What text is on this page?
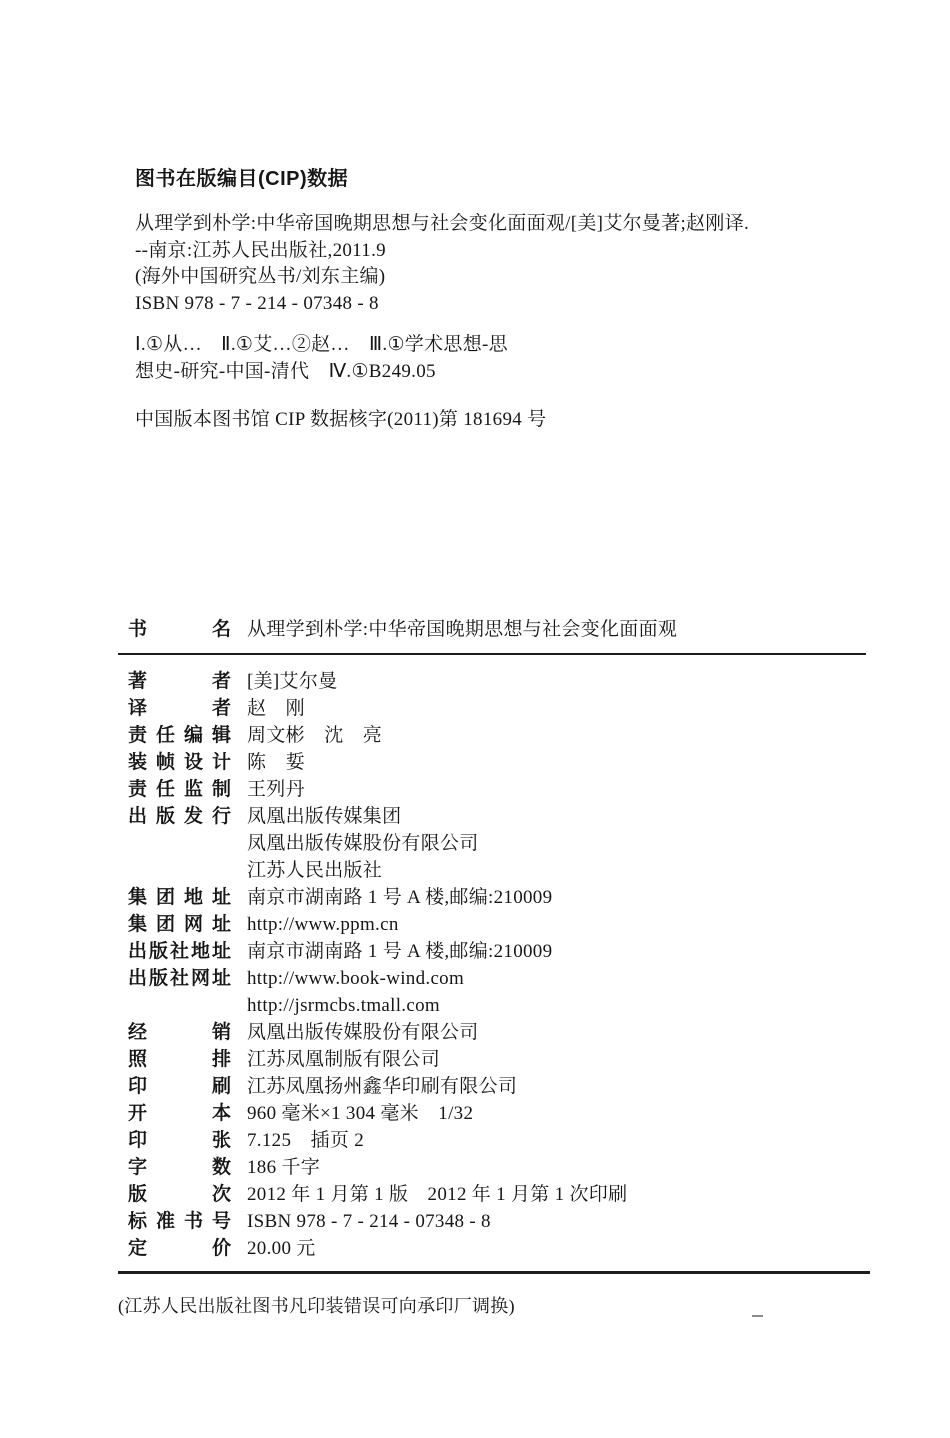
图书在版编目(CIP)数据
从理学到朴学:中华帝国晚期思想与社会变化面面观/[美]艾尔曼著;赵刚译.
--南京:江苏人民出版社,2011.9
(海外中国研究丛书/刘东主编)
ISBN 978 - 7 - 214 - 07348 - 8
Ⅰ.①从…　Ⅱ.①艾…②赵…　Ⅲ.①学术思想-思
想史-研究-中国-清代　Ⅳ.①B249.05
中国版本图书馆 CIP 数据核字(2011)第 181694 号
书	名 从理学到朴学:中华帝国晚期思想与社会变化面面观
著	者 [美]艾尔曼
译	者 赵　刚
责 任 编 辑 周文彬　沈　亮
装 帧 设 计 陈　娎
责 任 监 制 王列丹
出 版 发 行 凤凰出版传媒集团
凤凰出版传媒股份有限公司
江苏人民出版社
集 团 地 址 南京市湖南路 1 号 A 楼,邮编:210009
集 团 网 址 http://www.ppm.cn
出 版 社 地 址 南京市湖南路 1 号 A 楼,邮编:210009
出 版 社 网 址 http://www.book-wind.com
http://jsrmcbs.tmall.com
经	销 凤凰出版传媒股份有限公司
照	排 江苏凤凰制版有限公司
印	刷 江苏凤凰扬州鑫华印刷有限公司
开	本 960 毫米×1 304 毫米　1/32
印	张 7.125　插页 2
字	数 186 千字
版	次 2012 年 1 月第 1 版　2012 年 1 月第 1 次印刷
标 准 书 号 ISBN 978 - 7 - 214 - 07348 - 8
定	价 20.00 元
(江苏人民出版社图书凡印装错误可向承印厂调换)
